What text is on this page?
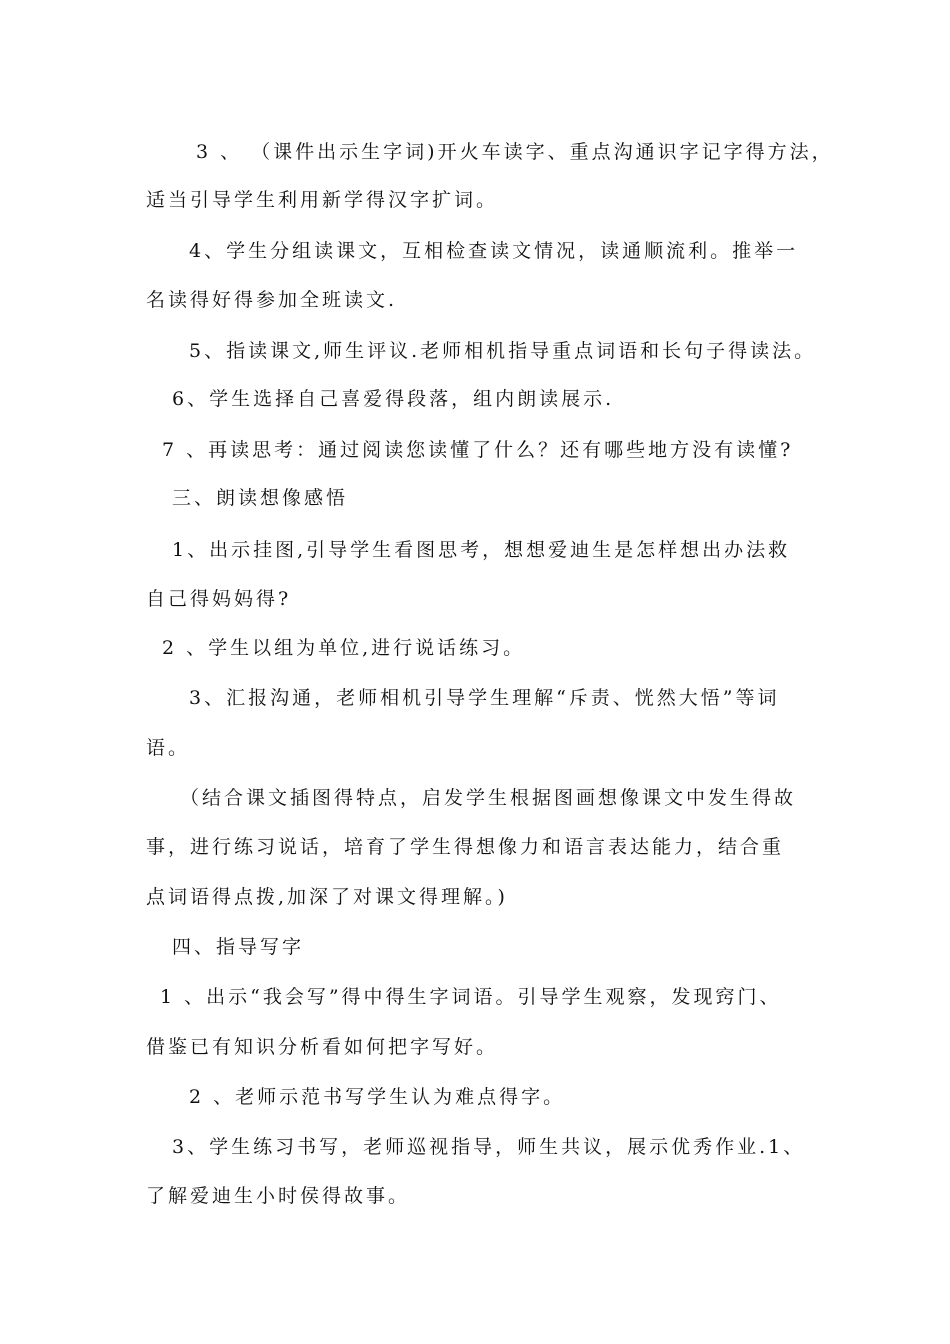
3 、 （课件出示生字词)开火车读字、重点沟通识字记字得方法，
适当引导学生利用新学得汉字扩词。
4、学生分组读课文，互相检查读文情况，读通顺流利。推举一
名读得好得参加全班读文.
5、指读课文,师生评议.老师相机指导重点词语和长句子得读法。
6、学生选择自己喜爱得段落，组内朗读展示.
7 、再读思考：通过阅读您读懂了什么？还有哪些地方没有读懂?
三、朗读想像感悟
1、出示挂图,引导学生看图思考，想想爱迪生是怎样想出办法救
自己得妈妈得?
2 、学生以组为单位,进行说话练习。
3、汇报沟通，老师相机引导学生理解“斥责、恍然大悟”等词
语。
（结合课文插图得特点，启发学生根据图画想像课文中发生得故
事，进行练习说话，培育了学生得想像力和语言表达能力，结合重
点词语得点拨,加深了对课文得理解。)
四、指导写字
1 、出示“我会写”得中得生字词语。引导学生观察，发现窍门、
借鉴已有知识分析看如何把字写好。
2 、老师示范书写学生认为难点得字。
3、学生练习书写，老师巡视指导，师生共议，展示优秀作业.1、
了解爱迪生小时侯得故事。
